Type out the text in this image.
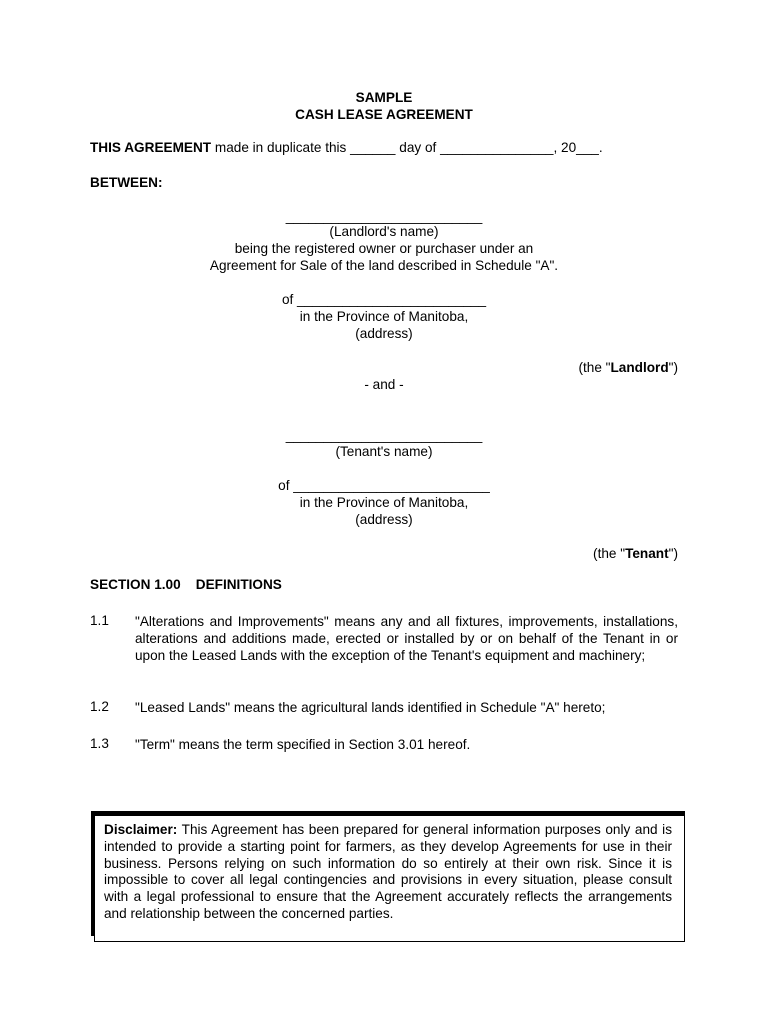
SAMPLE
CASH LEASE AGREEMENT
THIS AGREEMENT made in duplicate this ______ day of _______________, 20___.
BETWEEN:
__________________________
(Landlord's name)
being the registered owner or purchaser under an
Agreement for Sale of the land described in Schedule "A".
of _________________________
in the Province of Manitoba,
(address)
(the "Landlord")
- and -
__________________________
(Tenant's name)
of __________________________
in the Province of Manitoba,
(address)
(the "Tenant")
SECTION 1.00    DEFINITIONS
1.1 "Alterations and Improvements" means any and all fixtures, improvements, installations, alterations and additions made, erected or installed by or on behalf of the Tenant in or upon the Leased Lands with the exception of the Tenant's equipment and machinery;
1.2 "Leased Lands" means the agricultural lands identified in Schedule "A" hereto;
1.3 "Term" means the term specified in Section 3.01 hereof.
Disclaimer: This Agreement has been prepared for general information purposes only and is intended to provide a starting point for farmers, as they develop Agreements for use in their business. Persons relying on such information do so entirely at their own risk. Since it is impossible to cover all legal contingencies and provisions in every situation, please consult with a legal professional to ensure that the Agreement accurately reflects the arrangements and relationship between the concerned parties.
